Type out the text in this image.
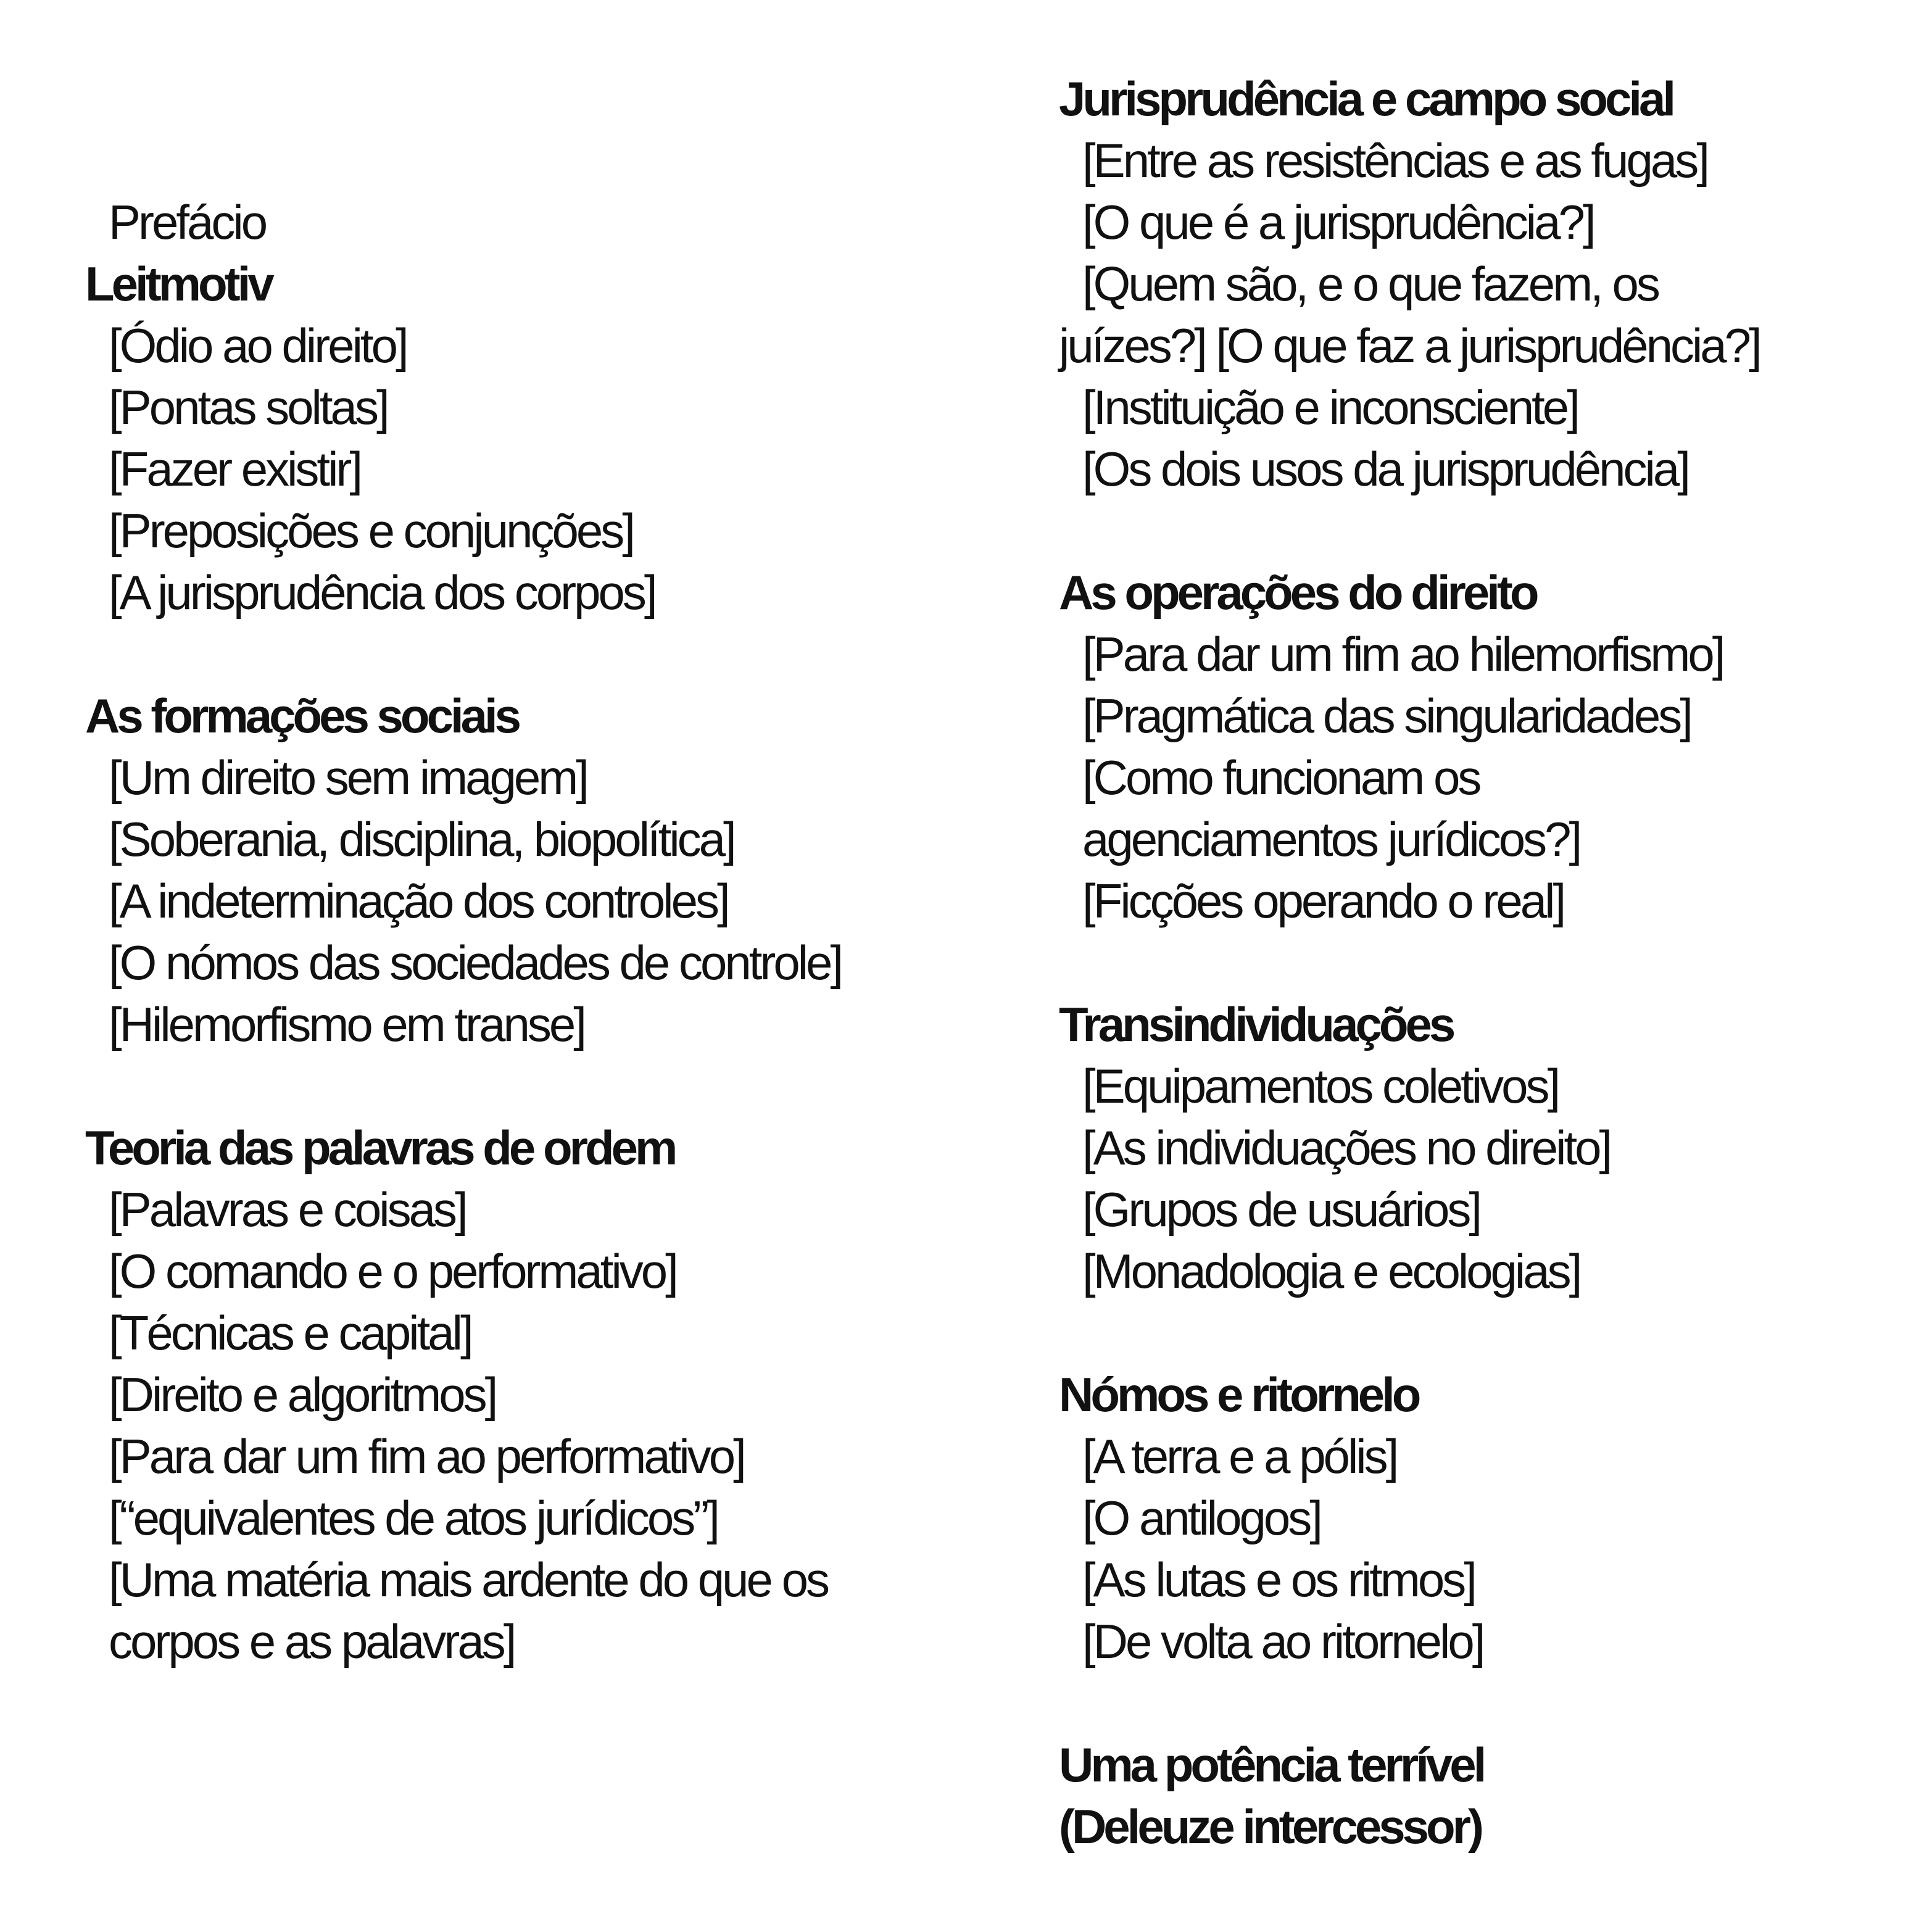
Prefácio
Leitmotiv
[Ódio ao direito]
[Pontas soltas]
[Fazer existir]
[Preposições e conjunções]
[A jurisprudência dos corpos]
As formações sociais
[Um direito sem imagem]
[Soberania, disciplina, biopolítica]
[A indeterminação dos controles]
[O nómos das sociedades de controle]
[Hilemorfismo em transe]
Teoria das palavras de ordem
[Palavras e coisas]
[O comando e o performativo]
[Técnicas e capital]
[Direito e algoritmos]
[Para dar um fim ao performativo]
[“equivalentes de atos jurídicos”]
[Uma matéria mais ardente do que os
corpos e as palavras]
Jurisprudência e campo social
[Entre as resistências e as fugas]
[O que é a jurisprudência?]
[Quem são, e o que fazem, os
juízes?] [O que faz a jurisprudência?]
[Instituição e inconsciente]
[Os dois usos da jurisprudência]
As operações do direito
[Para dar um fim ao hilemorfismo]
[Pragmática das singularidades]
[Como funcionam os
agenciamentos jurídicos?]
[Ficções operando o real]
Transindividuações
[Equipamentos coletivos]
[As individuações no direito]
[Grupos de usuários]
[Monadologia e ecologias]
Nómos e ritornelo
[A terra e a pólis]
[O antilogos]
[As lutas e os ritmos]
[De volta ao ritornelo]
Uma potência terrível
(Deleuze intercessor)
